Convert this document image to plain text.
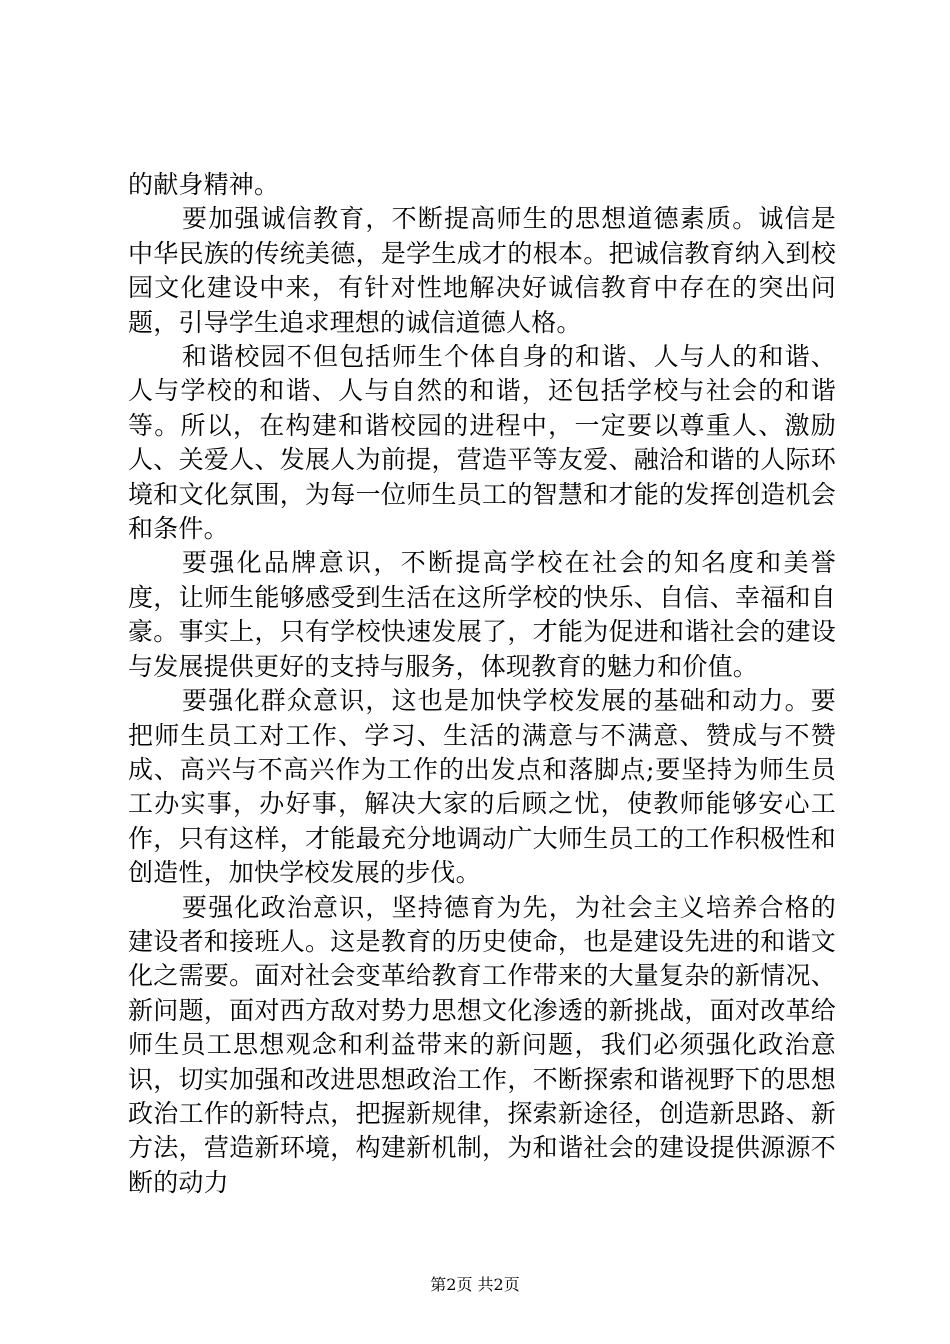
的献身精神。

要加强诚信教育，不断提高师生的思想道德素质。诚信是中华民族的传统美德，是学生成才的根本。把诚信教育纳入到校园文化建设中来，有针对性地解决好诚信教育中存在的突出问题，引导学生追求理想的诚信道德人格。

和谐校园不但包括师生个体自身的和谐、人与人的和谐、人与学校的和谐、人与自然的和谐，还包括学校与社会的和谐等。所以，在构建和谐校园的进程中，一定要以尊重人、激励人、关爱人、发展人为前提，营造平等友爱、融洽和谐的人际环境和文化氛围，为每一位师生员工的智慧和才能的发挥创造机会和条件。

要强化品牌意识，不断提高学校在社会的知名度和美誉度，让师生能够感受到生活在这所学校的快乐、自信、幸福和自豪。事实上，只有学校快速发展了，才能为促进和谐社会的建设与发展提供更好的支持与服务，体现教育的魅力和价值。

要强化群众意识，这也是加快学校发展的基础和动力。要把师生员工对工作、学习、生活的满意与不满意、赞成与不赞成、高兴与不高兴作为工作的出发点和落脚点;要坚持为师生员工办实事，办好事，解决大家的后顾之忧，使教师能够安心工作，只有这样，才能最充分地调动广大师生员工的工作积极性和创造性，加快学校发展的步伐。

要强化政治意识，坚持德育为先，为社会主义培养合格的建设者和接班人。这是教育的历史使命，也是建设先进的和谐文化之需要。面对社会变革给教育工作带来的大量复杂的新情况、新问题，面对西方敌对势力思想文化渗透的新挑战，面对改革给师生员工思想观念和利益带来的新问题，我们必须强化政治意识，切实加强和改进思想政治工作，不断探索和谐视野下的思想政治工作的新特点，把握新规律，探索新途径，创造新思路、新方法，营造新环境，构建新机制，为和谐社会的建设提供源源不断的动力

第2页 共2页
